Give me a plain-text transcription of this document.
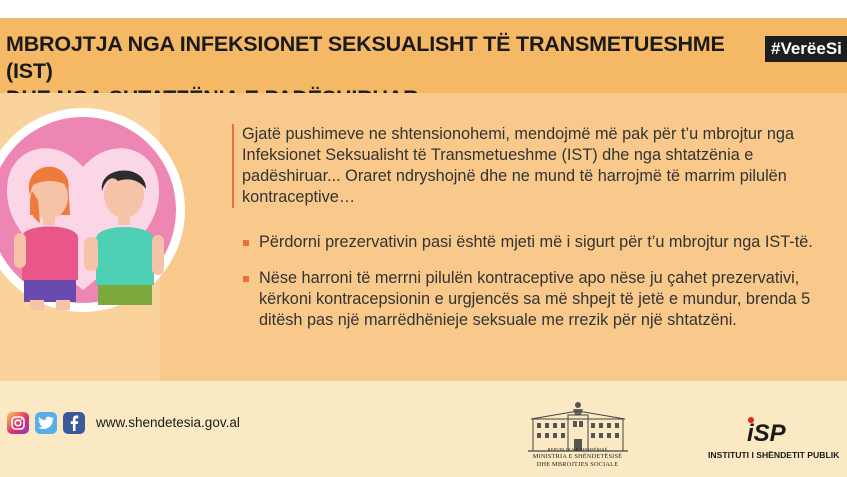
MBROJTJA NGA INFEKSIONET SEKSUALISHT TË TRANSMETUESHME (IST)
#VerëeSi
Gjatë pushimeve ne shtensionohemi, mendojmë më pak për t’u mbrojtur nga Infeksionet Seksualisht të Transmetueshme (IST) dhe nga shtatzënia e padëshiruar... Oraret ndryshojnë dhe ne mund të harrojmë të marrim pilulën kontraceptive…
Përdorni prezervativin pasi është mjeti më i sigurt për t’u mbrojtur nga IST-të.
Nëse harroni të merrni pilulën kontraceptive apo nëse ju çahet prezervativi, kërkoni kontracepsionin e urgjencës sa më shpejt të jetë e mundur, brenda 5 ditësh pas një marrëdhënieje seksuale me rrezik për një shtatzëni.
www.shendetesia.gov.al
REPUBLIKA E SHQIPËRISË
MINISTRIA E SHËNDETËSISË
DHE MBROJTJES SOCIALE
iSP
INSTITUTI I SHËNDETIT PUBLIK
